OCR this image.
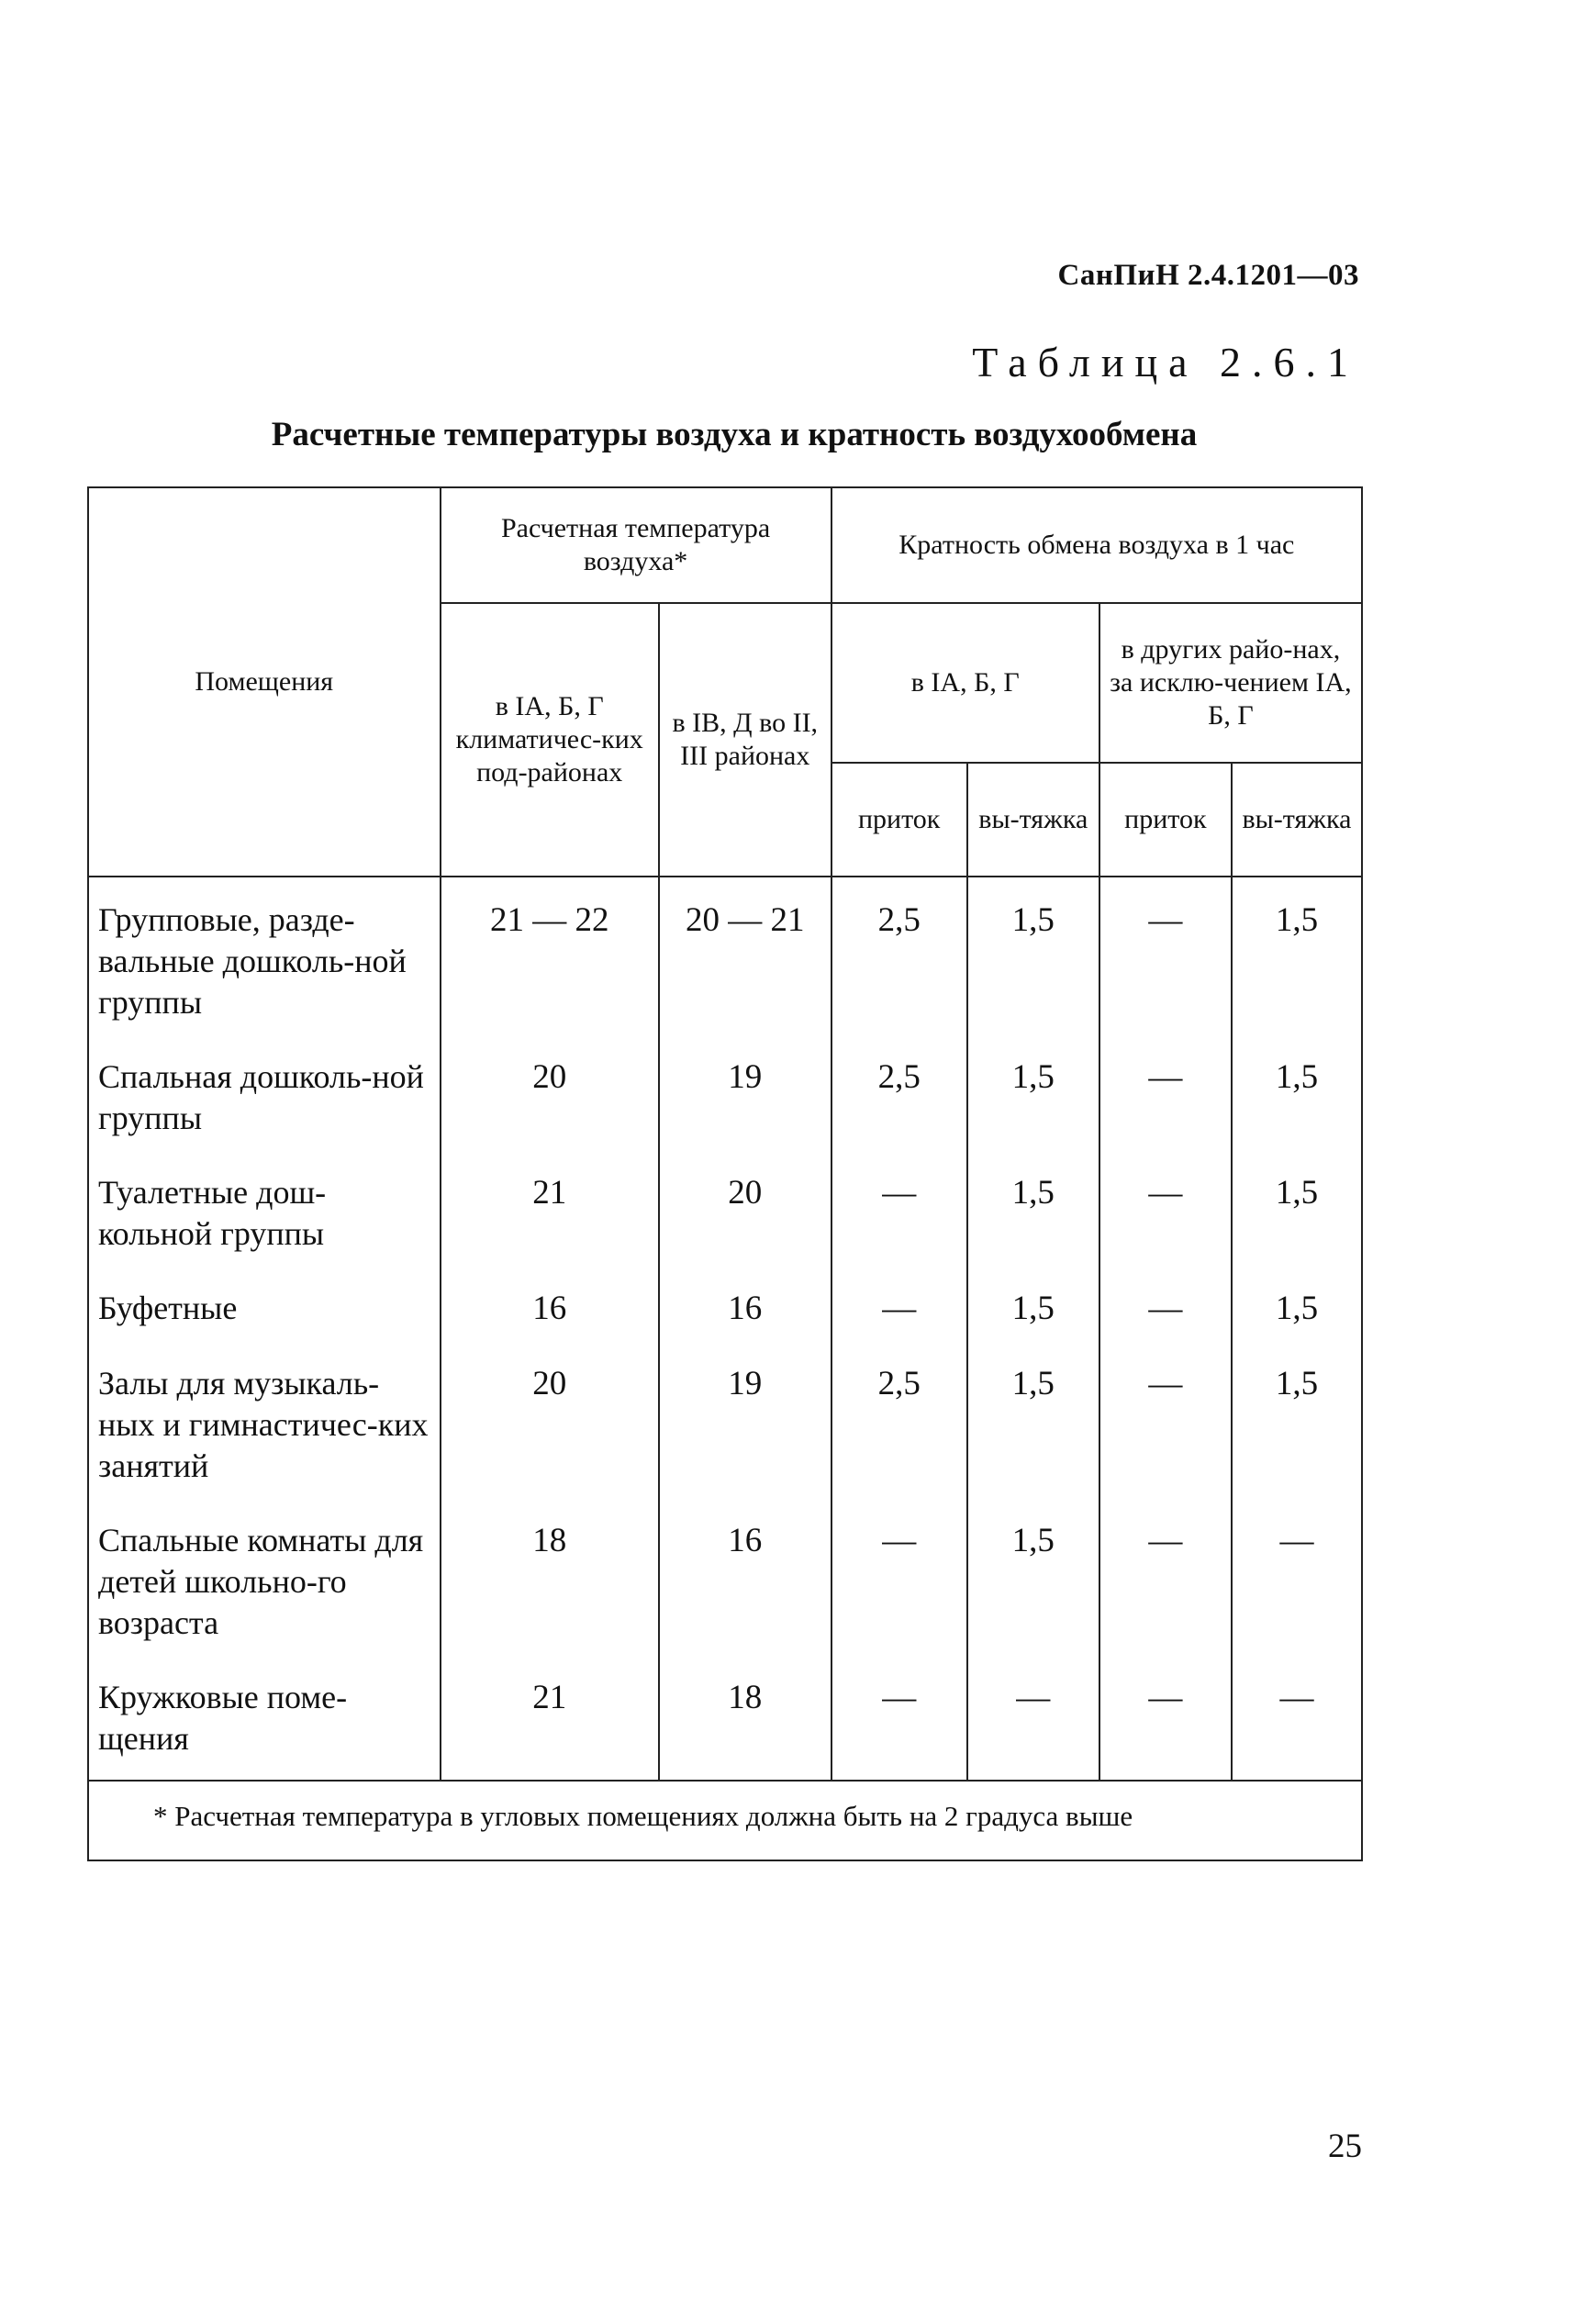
СанПиН 2.4.1201—03
Таблица 2.6.1
Расчетные температуры воздуха и кратность воздухообмена
Помещения	Расчетная температура воздуха*		Кратность обмена воздуха в 1 час			
	в IА, Б, Г климатичес-ких под-районах	в IВ, Д во II, III районах	в IА, Б, Г		в других райо-нах, за исклю-чением IА, Б, Г	
			приток	вы-тяжка	приток	вы-тяжка
Групповые, разде-вальные дошколь-ной группы	21 — 22	20 — 21	2,5	1,5	—	1,5
Спальная дошколь-ной группы	20	19	2,5	1,5	—	1,5
Туалетные дош-кольной группы	21	20	—	1,5	—	1,5
Буфетные	16	16	—	1,5	—	1,5
Залы для музыкаль-ных и гимнастичес-ких занятий	20	19	2,5	1,5	—	1,5
Спальные комнаты для детей школьно-го возраста	18	16	—	1,5	—	—
Кружковые поме-щения	21	18	—	—	—	—
* Расчетная температура в угловых помещениях должна быть на 2 градуса выше						
25
